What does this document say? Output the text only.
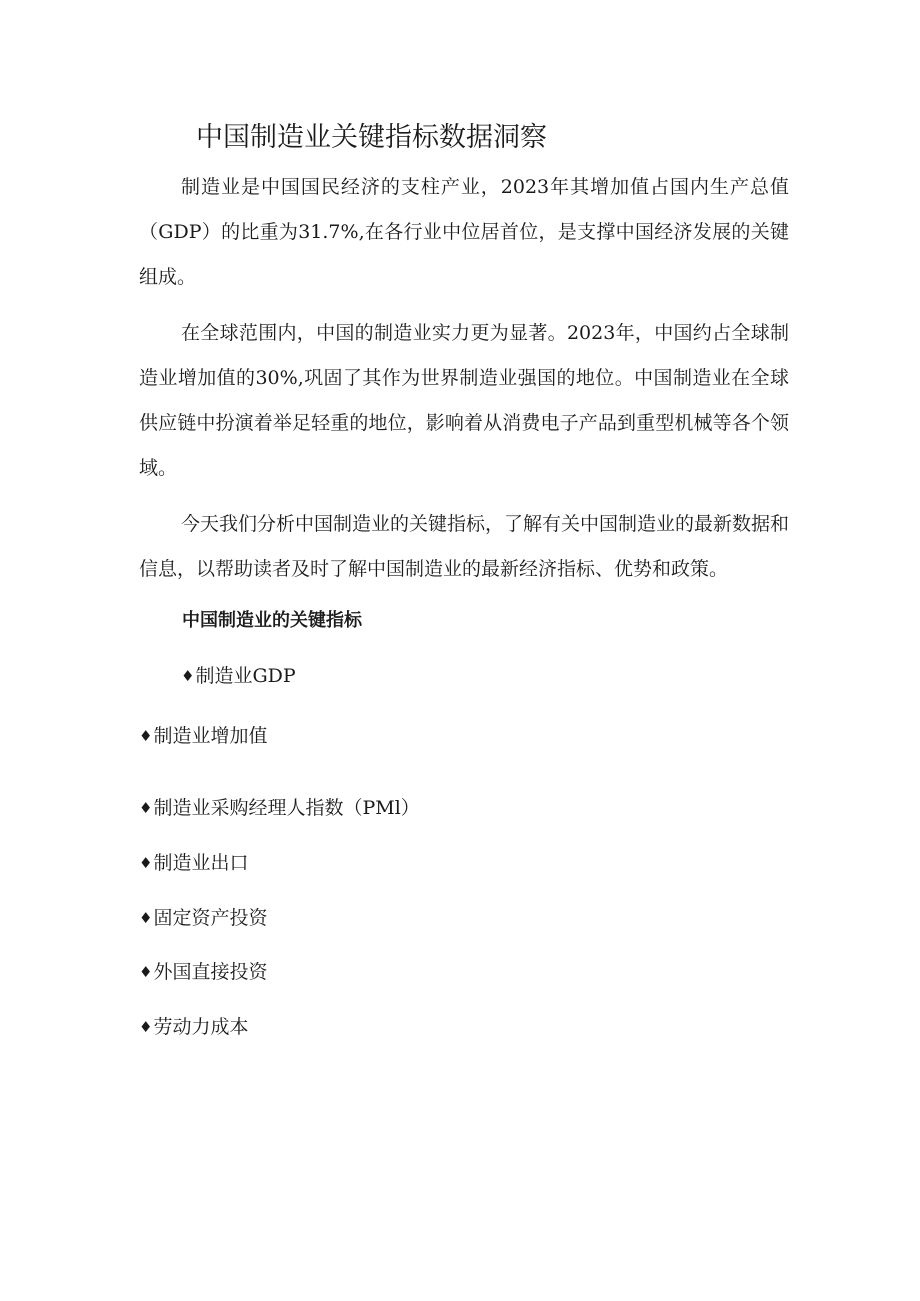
中国制造业关键指标数据洞察

制造业是中国国民经济的支柱产业，2023年其增加值占国内生产总值（GDP）的比重为31.7%,在各行业中位居首位，是支撑中国经济发展的关键组成。

在全球范围内，中国的制造业实力更为显著。2023年，中国约占全球制造业增加值的30%,巩固了其作为世界制造业强国的地位。中国制造业在全球供应链中扮演着举足轻重的地位，影响着从消费电子产品到重型机械等各个领域。

今天我们分析中国制造业的关键指标，了解有关中国制造业的最新数据和信息，以帮助读者及时了解中国制造业的最新经济指标、优势和政策。

中国制造业的关键指标
♦制造业GDP
♦制造业增加值
♦制造业采购经理人指数（PMl）
♦制造业出口
♦固定资产投资
♦外国直接投资
♦劳动力成本
